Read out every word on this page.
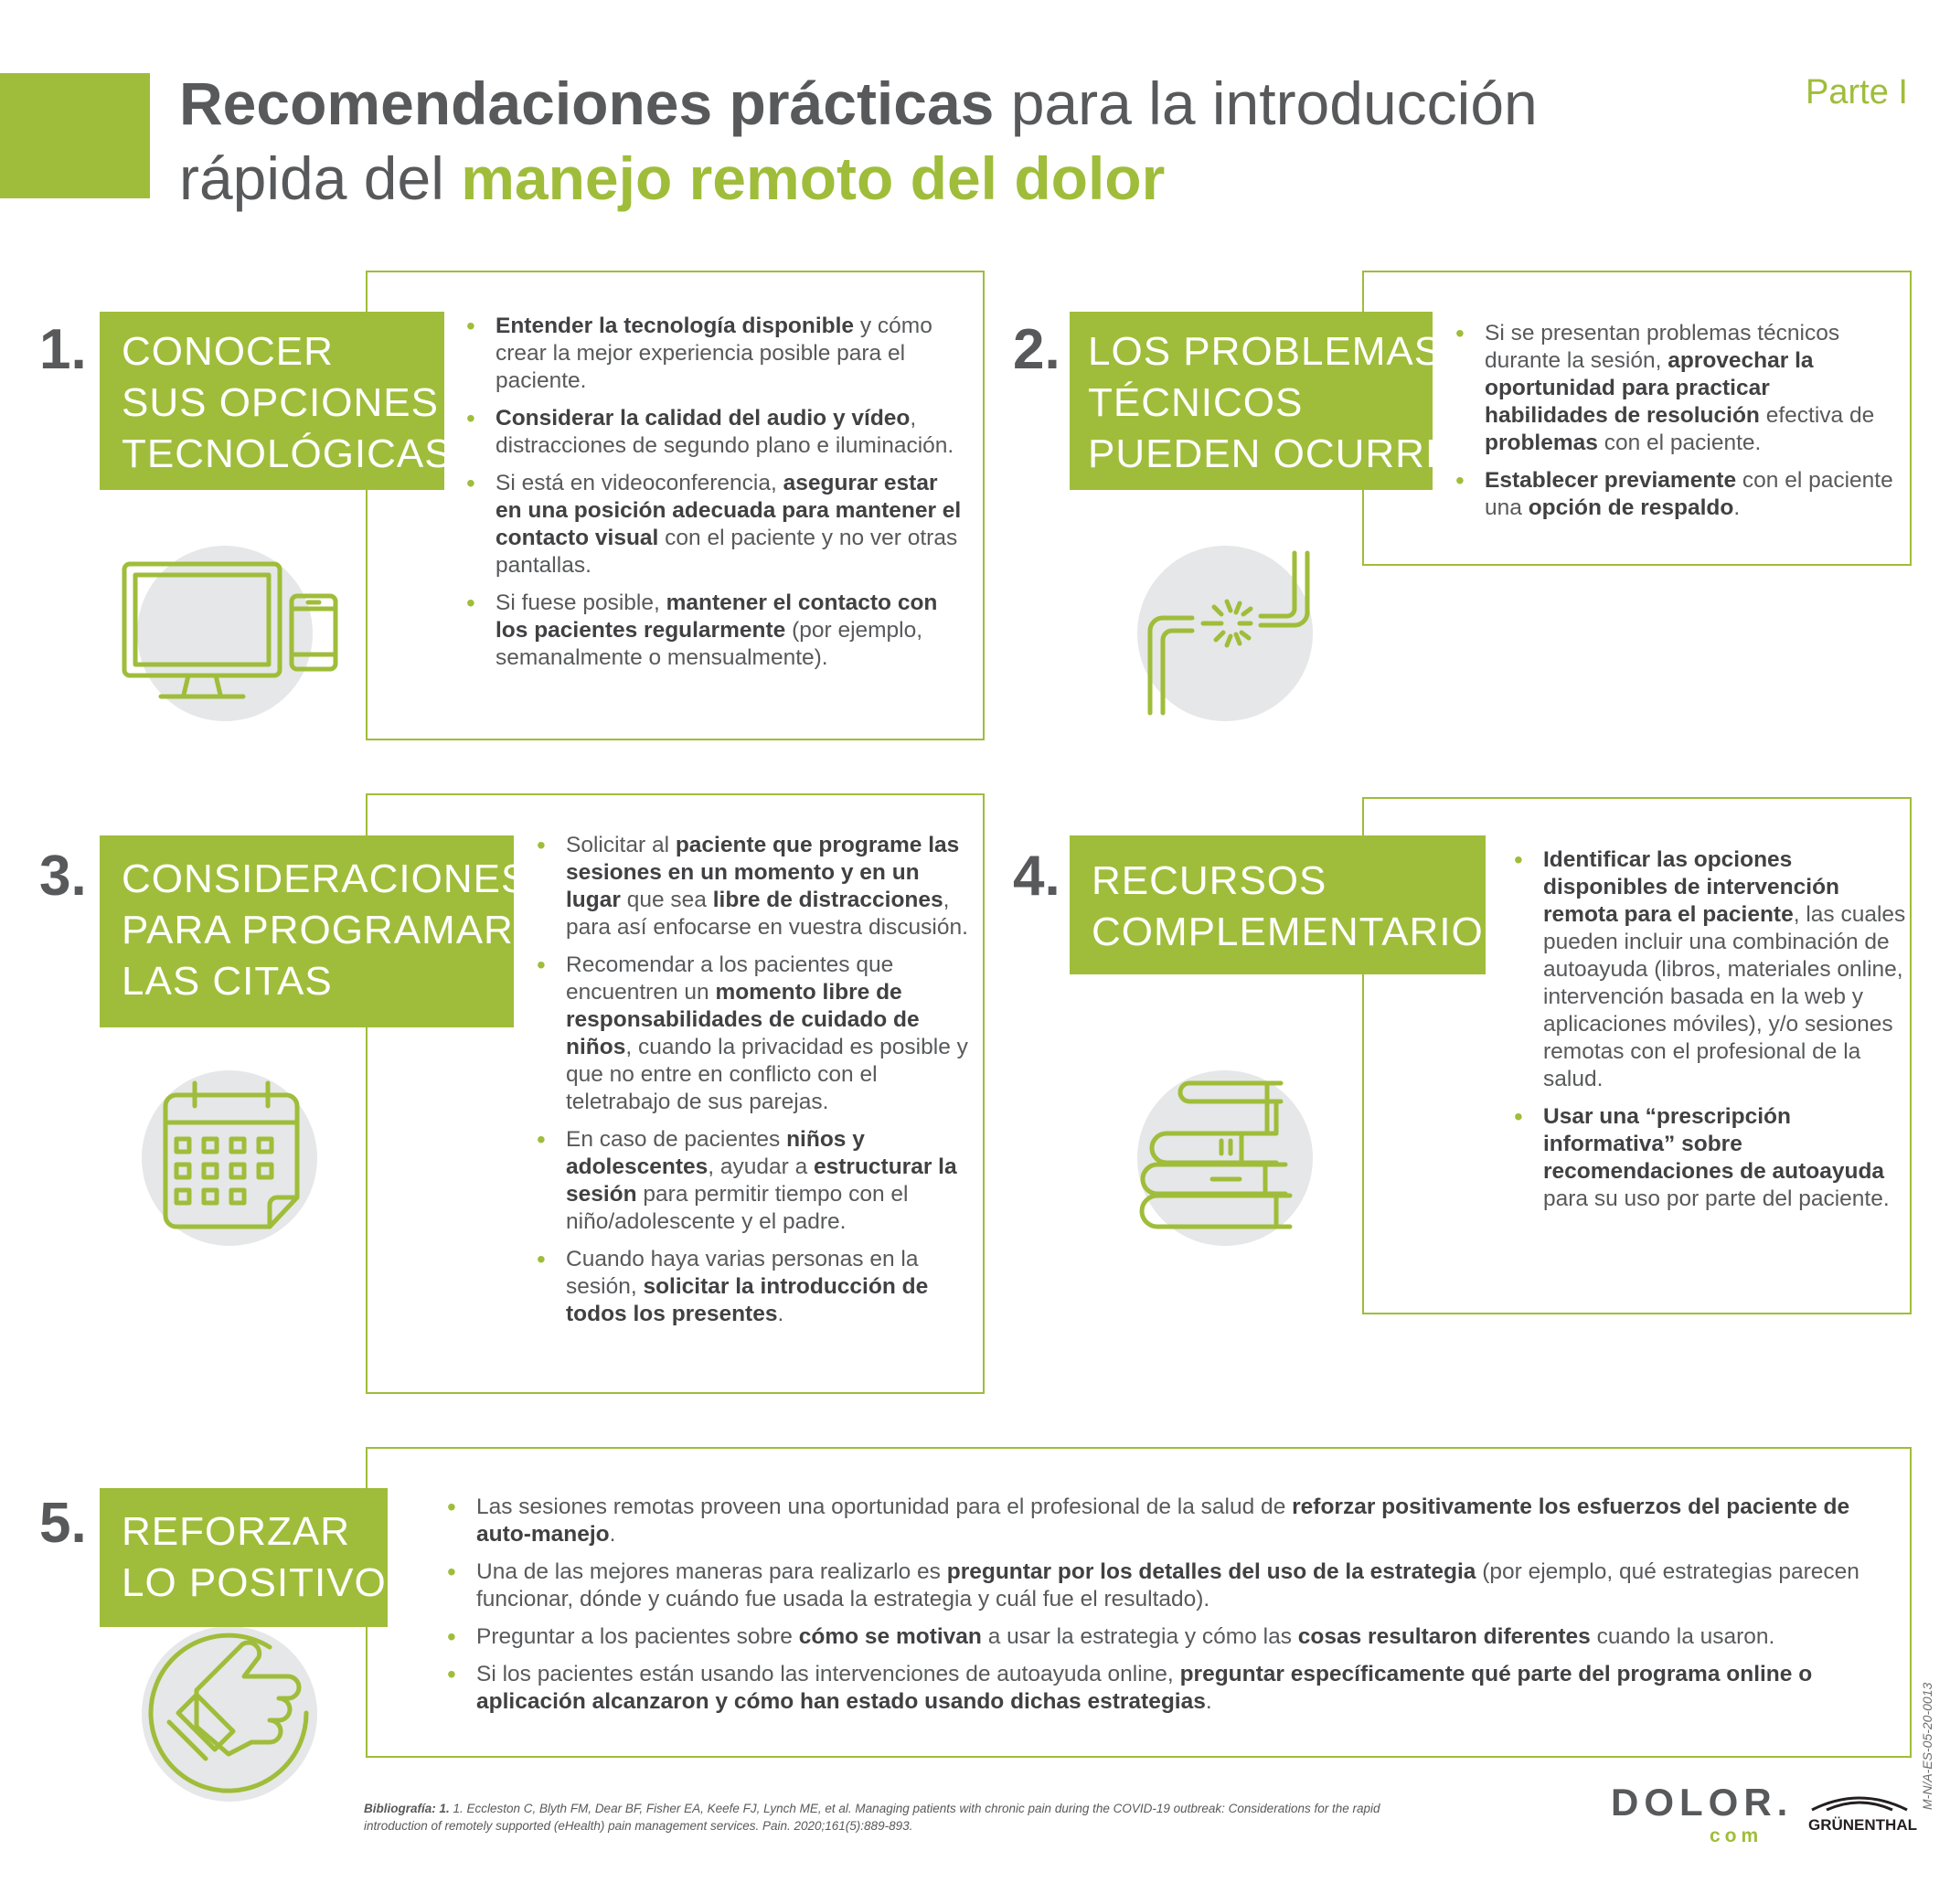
Recomendaciones prácticas para la introducción
rápida del manejo remoto del dolor
Parte I
1. CONOCER
SUS OPCIONES
TECNOLÓGICAS
• Entender la tecnología disponible y cómo crear la mejor experiencia posible para el paciente.
• Considerar la calidad del audio y vídeo, distracciones de segundo plano e iluminación.
• Si está en videoconferencia, asegurar estar en una posición adecuada para mantener el contacto visual con el paciente y no ver otras pantallas.
• Si fuese posible, mantener el contacto con los pacientes regularmente (por ejemplo, semanalmente o mensualmente).
2. LOS PROBLEMAS
TÉCNICOS
PUEDEN OCURRIR
• Si se presentan problemas técnicos durante la sesión, aprovechar la oportunidad para practicar habilidades de resolución efectiva de problemas con el paciente.
• Establecer previamente con el paciente una opción de respaldo.
3. CONSIDERACIONES
PARA PROGRAMAR
LAS CITAS
• Solicitar al paciente que programe las sesiones en un momento y en un lugar que sea libre de distracciones, para así enfocarse en vuestra discusión.
• Recomendar a los pacientes que encuentren un momento libre de responsabilidades de cuidado de niños, cuando la privacidad es posible y que no entre en conflicto con el teletrabajo de sus parejas.
• En caso de pacientes niños y adolescentes, ayudar a estructurar la sesión para permitir tiempo con el niño/adolescente y el padre.
• Cuando haya varias personas en la sesión, solicitar la introducción de todos los presentes.
4. RECURSOS
COMPLEMENTARIOS
• Identificar las opciones disponibles de intervención remota para el paciente, las cuales pueden incluir una combinación de autoayuda (libros, materiales online, intervención basada en la web y aplicaciones móviles), y/o sesiones remotas con el profesional de la salud.
• Usar una “prescripción informativa” sobre recomendaciones de autoayuda para su uso por parte del paciente.
5. REFORZAR
LO POSITIVO
• Las sesiones remotas proveen una oportunidad para el profesional de la salud de reforzar positivamente los esfuerzos del paciente de auto-manejo.
• Una de las mejores maneras para realizarlo es preguntar por los detalles del uso de la estrategia (por ejemplo, qué estrategias parecen funcionar, dónde y cuándo fue usada la estrategia y cuál fue el resultado).
• Preguntar a los pacientes sobre cómo se motivan a usar la estrategia y cómo las cosas resultaron diferentes cuando la usaron.
• Si los pacientes están usando las intervenciones de autoayuda online, preguntar específicamente qué parte del programa online o aplicación alcanzaron y cómo han estado usando dichas estrategias.
Bibliografía: 1. 1. Eccleston C, Blyth FM, Dear BF, Fisher EA, Keefe FJ, Lynch ME, et al. Managing patients with chronic pain during the COVID-19 outbreak: Considerations for the rapid introduction of remotely supported (eHealth) pain management services. Pain. 2020;161(5):889-893.
DOLOR.
com
GRÜNENTHAL
M-N/A-ES-05-20-0013
